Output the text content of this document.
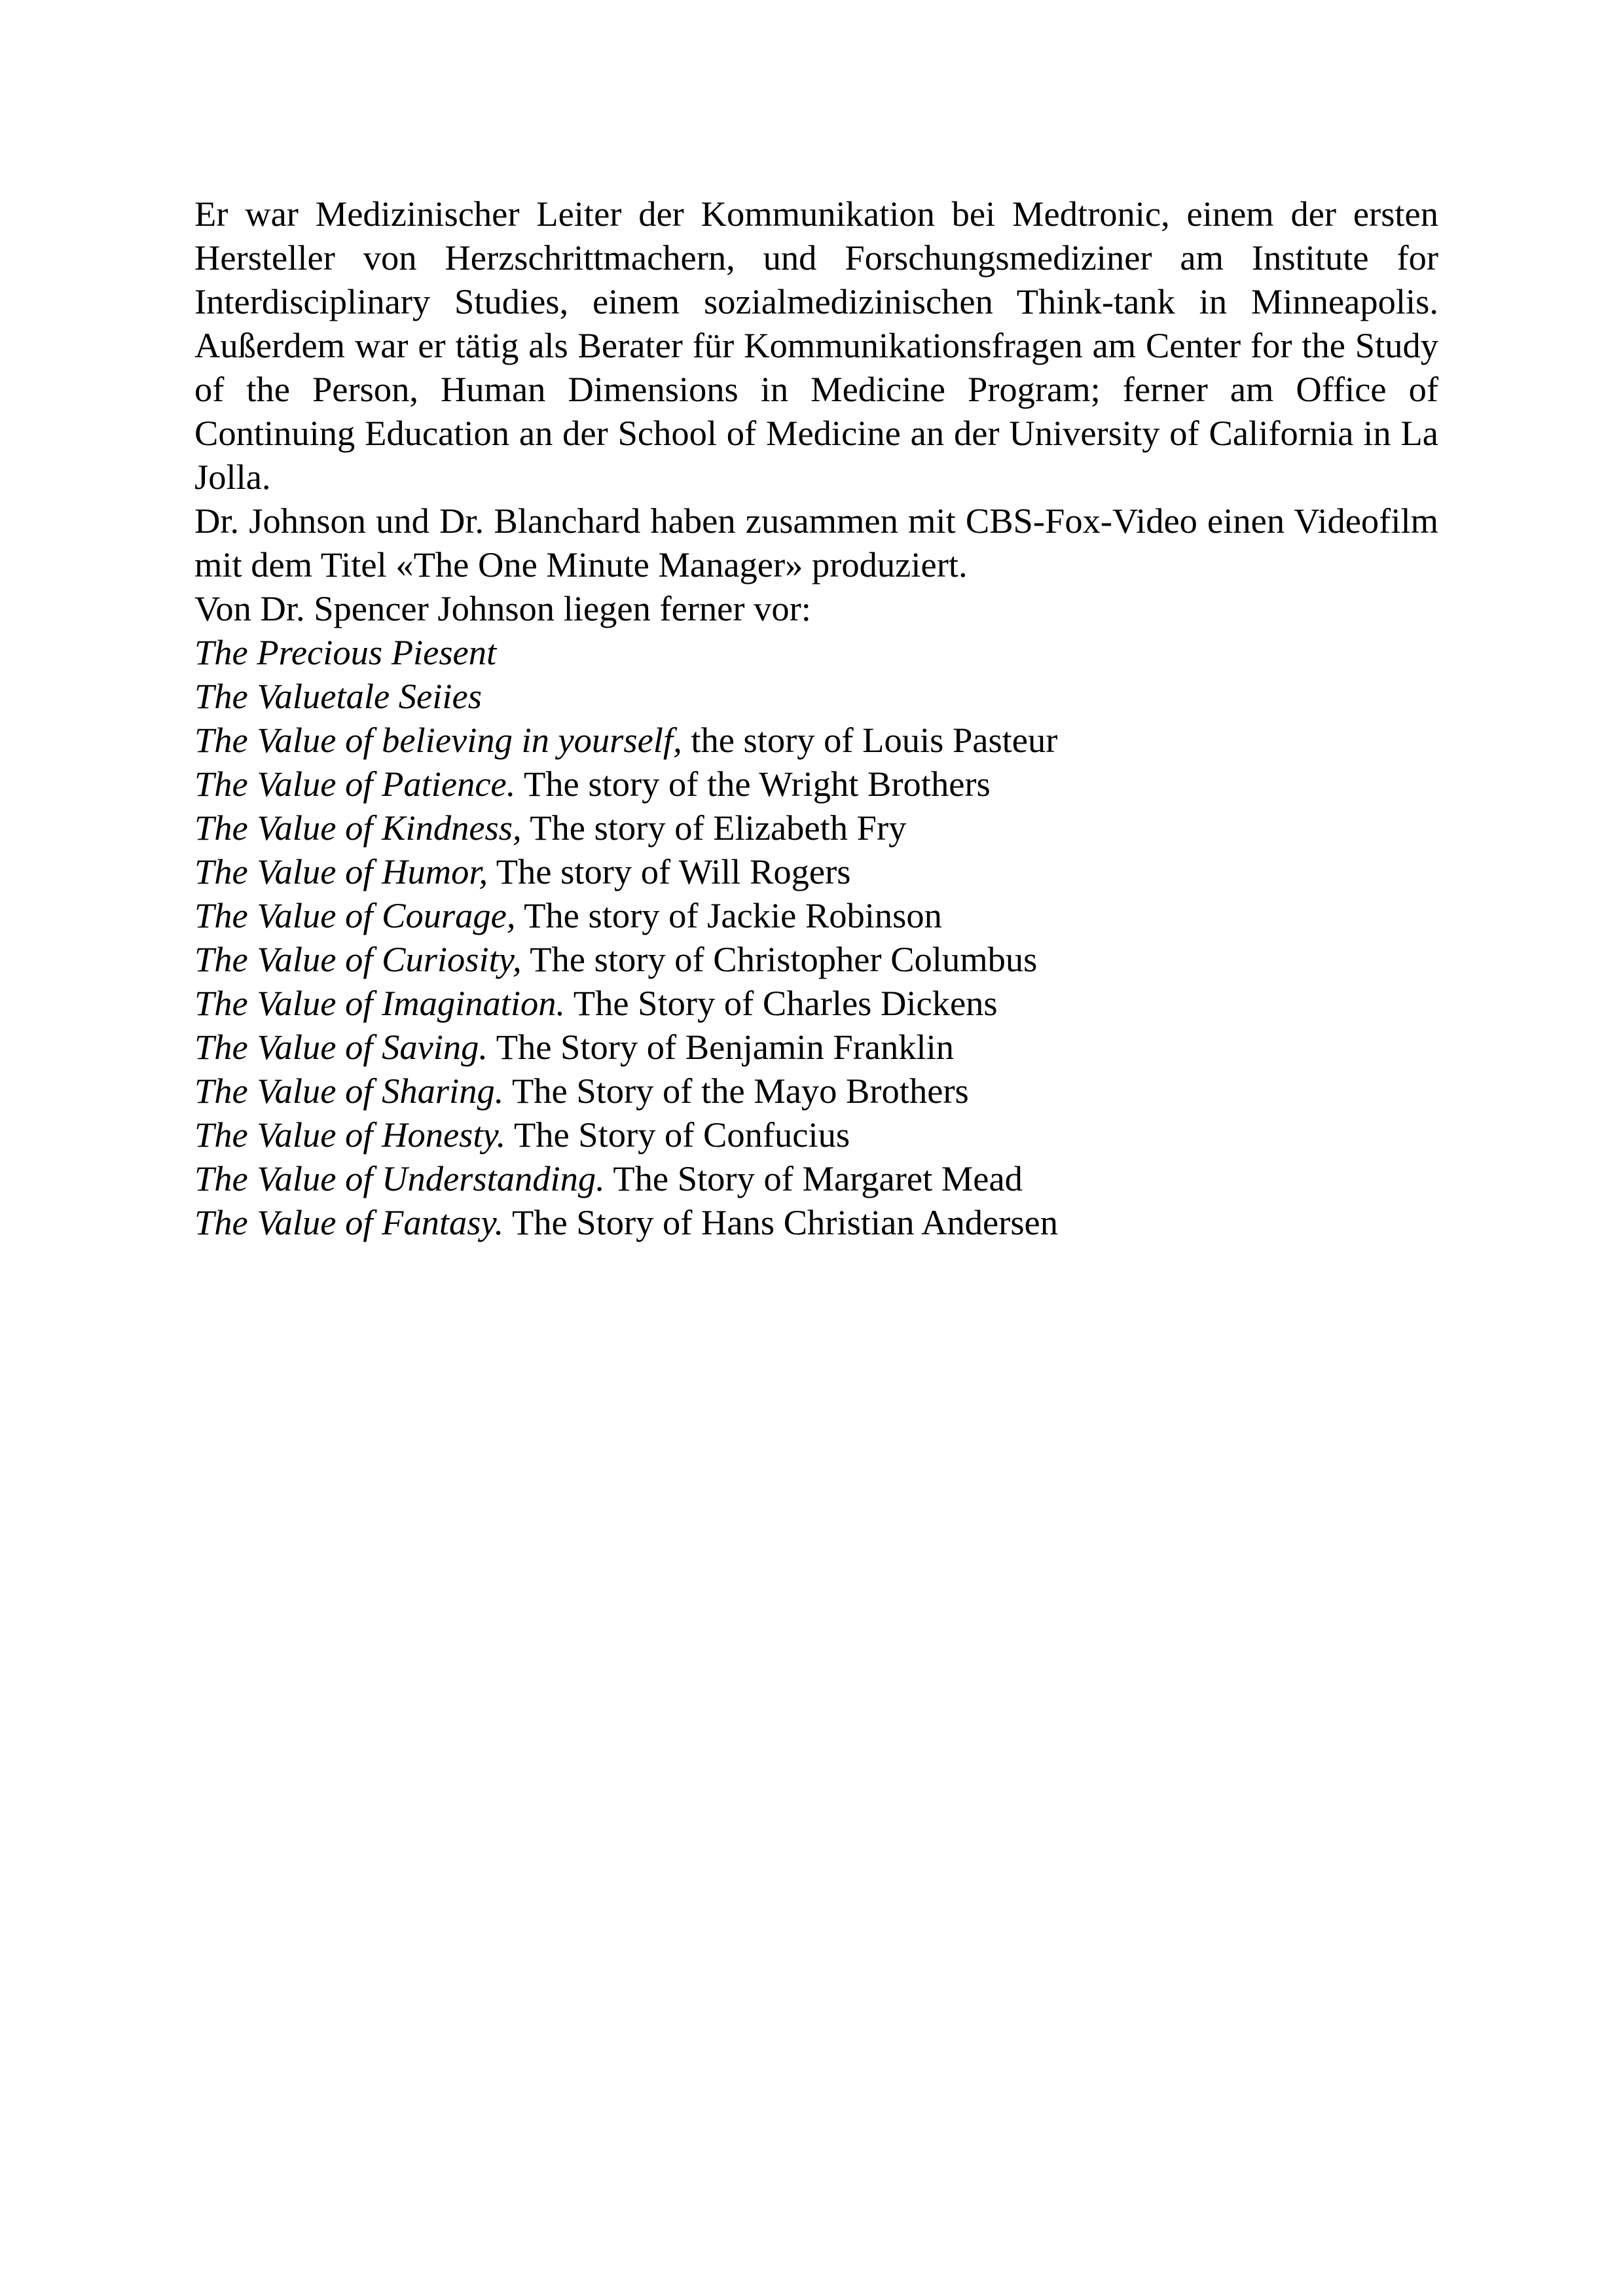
Er war Medizinischer Leiter der Kommunikation bei Medtronic, einem der ersten Hersteller von Herzschrittmachern, und Forschungsmediziner am Institute for Interdisciplinary Studies, einem sozialmedizinischen Think-tank in Minneapolis. Außerdem war er tätig als Berater für Kommunikationsfragen am Center for the Study of the Person, Human Dimensions in Medicine Program; ferner am Office of Continuing Education an der School of Medicine an der University of California in La Jolla.

Dr. Johnson und Dr. Blanchard haben zusammen mit CBS-Fox-Video einen Videofilm mit dem Titel «The One Minute Manager» produziert.

Von Dr. Spencer Johnson liegen ferner vor:

The Precious Piesent

The Valuetale Seiies

The Value of believing in yourself, the story of Louis Pasteur

The Value of Patience. The story of the Wright Brothers

The Value of Kindness, The story of Elizabeth Fry

The Value of Humor, The story of Will Rogers

The Value of Courage, The story of Jackie Robinson

The Value of Curiosity, The story of Christopher Columbus

The Value of Imagination. The Story of Charles Dickens

The Value of Saving. The Story of Benjamin Franklin

The Value of Sharing. The Story of the Mayo Brothers

The Value of Honesty. The Story of Confucius

The Value of Understanding. The Story of Margaret Mead

The Value of Fantasy. The Story of Hans Christian Andersen
